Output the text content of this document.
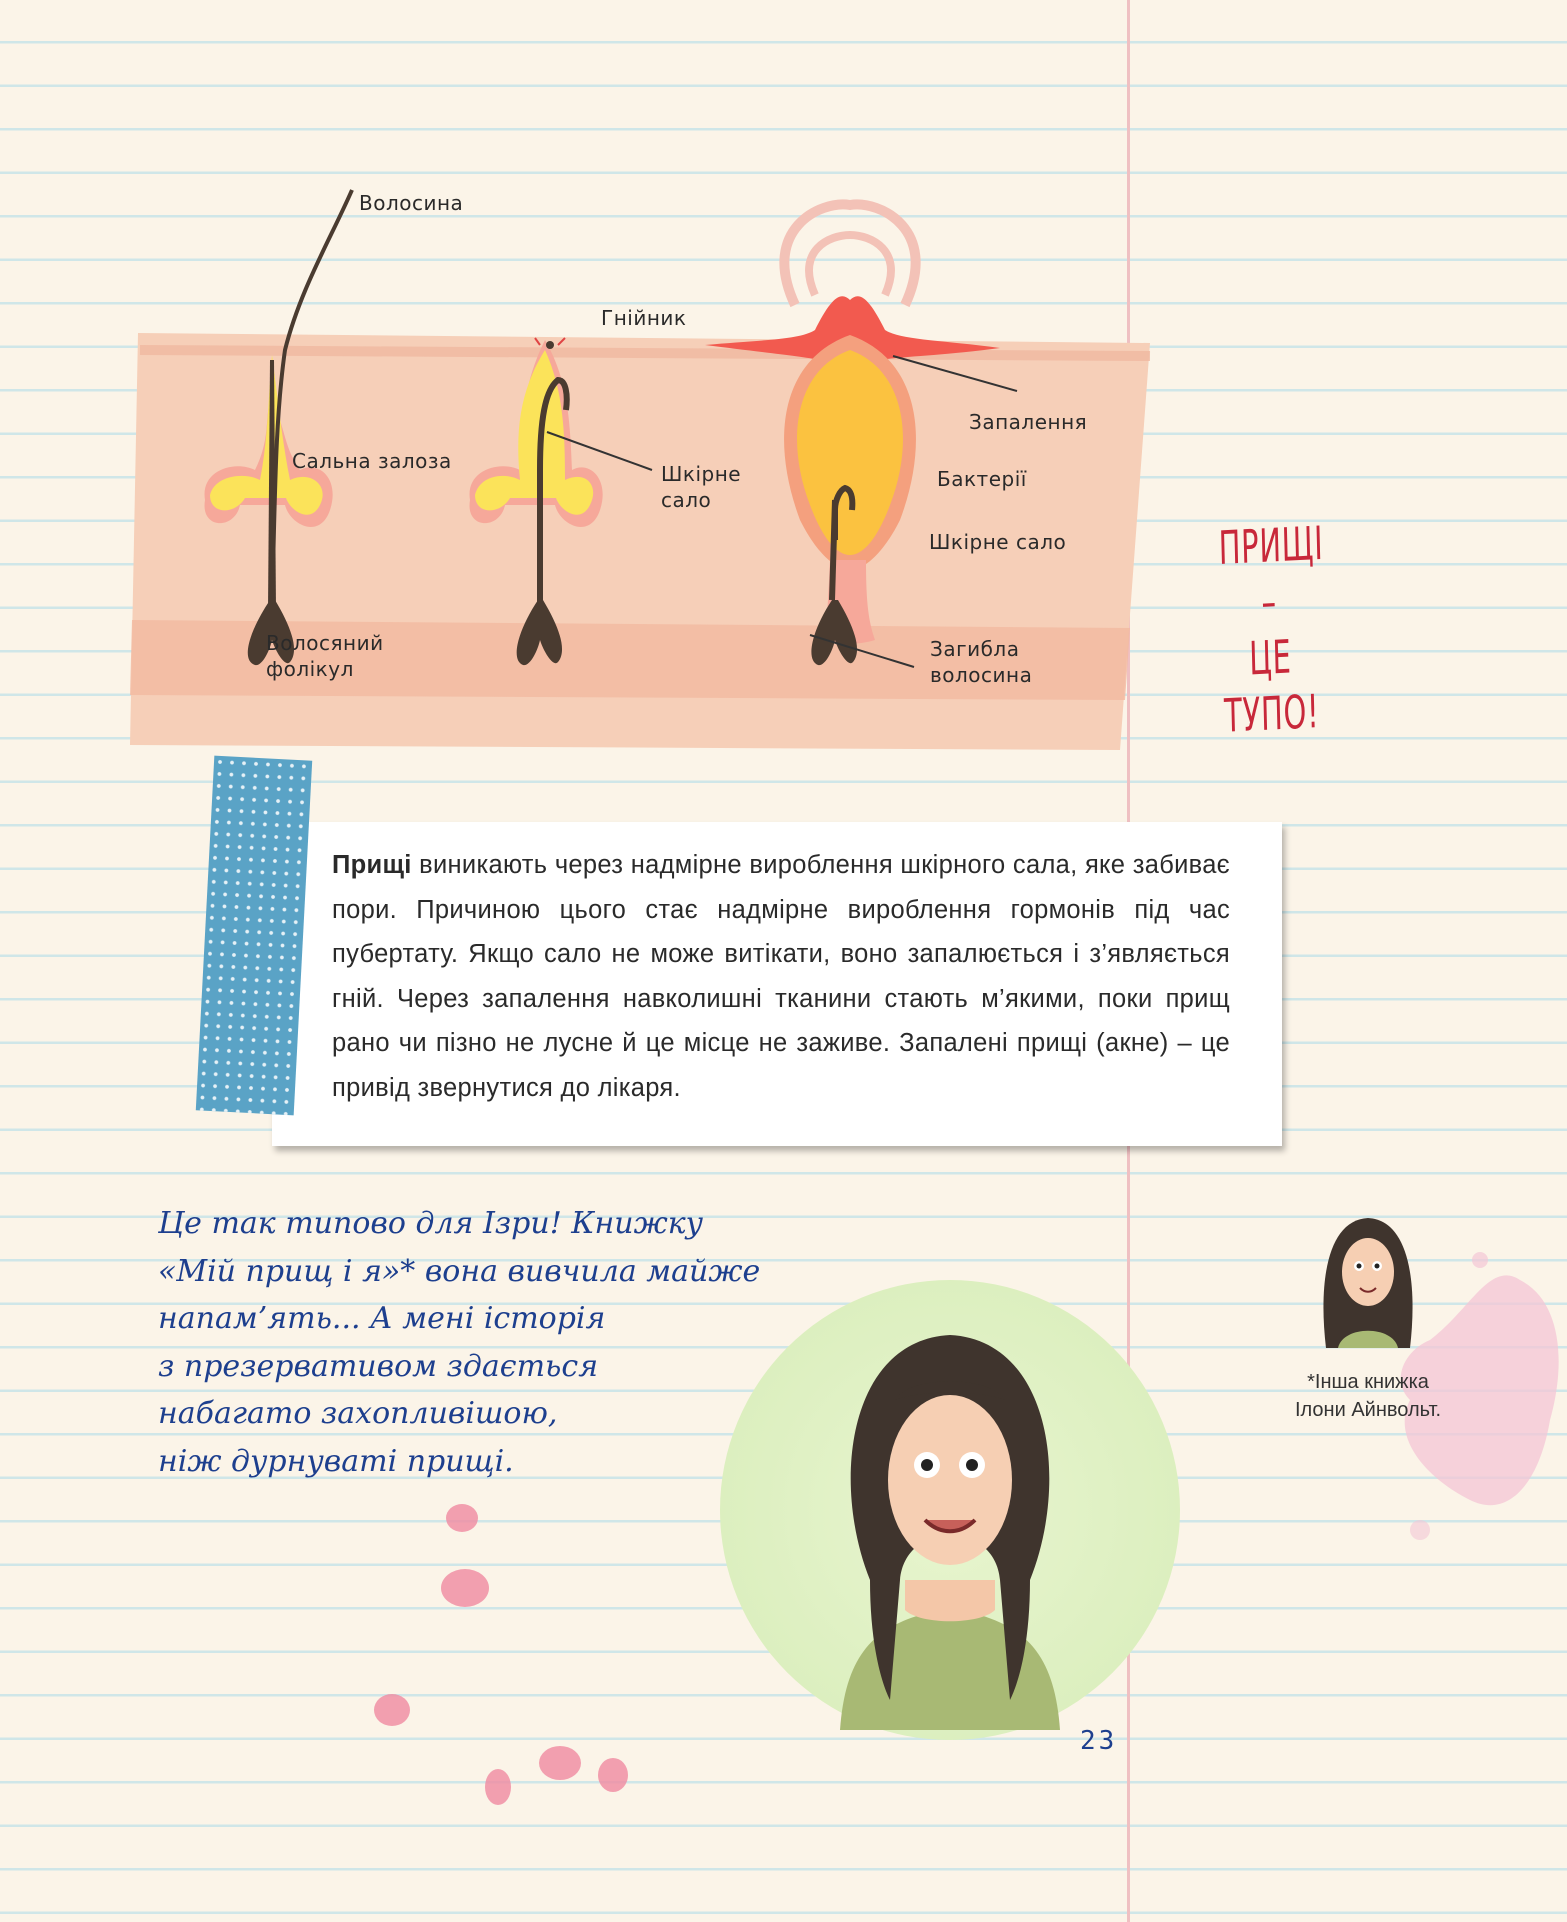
Волосина
Гнійник
Запалення
Сальна залоза
Шкірне сало
Бактерії
Шкірне сало
Волосяний фолікул
Загибла волосина
ПРИЩІ –
ЦЕ ТУПО!
Прищі виникають через надмірне вироблення шкірного сала, яке забиває пори. Причиною цього стає надмірне вироблення гормонів під час пубертату. Якщо сало не може витікати, воно запалюється і з’являється гній. Через запалення навколишні тканини стають м’якими, поки прищ рано чи пізно не лусне й це місце не заживе. Запалені прищі (акне) – це привід звернутися до лікаря.
Це так типово для Ізри! Книжку
«Мій прищ і я»* вона вивчила майже
напам’ять... А мені історія
з презервативом здається
набагато захопливішою,
ніж дурнуваті прищі.
*Інша книжка
Ілони Айнвольт.
23
